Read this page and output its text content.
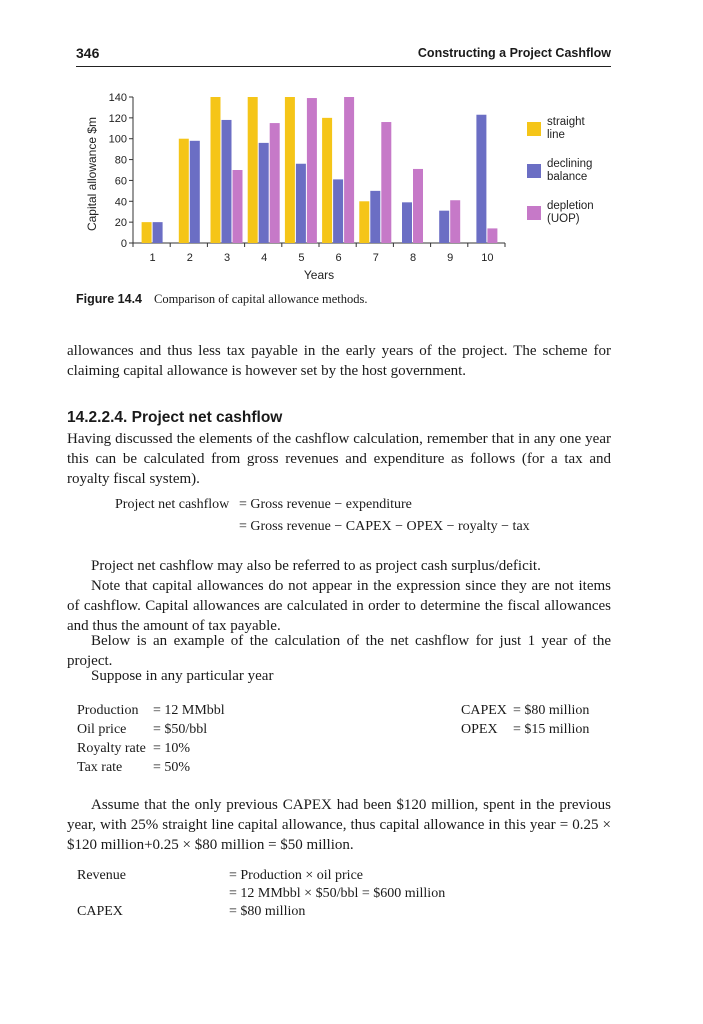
346	Constructing a Project Cashflow
0
20
40
60
80
100
120
140
1	2	3	4	5	6	7	8	9	10
Years
Capital allowance $m	straight
line
declining
balance
depletion
(UOP)
Figure 14.4 Comparison of capital allowance methods.

allowances and thus less tax payable in the early years of the project. The scheme for claiming capital allowance is however set by the host government.

14.2.2.4. Project net cashflow

Having discussed the elements of the cashflow calculation, remember that in any one year this can be calculated from gross revenues and expenditure as follows (for a tax and royalty fiscal system).

Project net cashflow = Gross revenue − expenditure
= Gross revenue − CAPEX − OPEX − royalty − tax

Project net cashflow may also be referred to as project cash surplus/deficit.

Note that capital allowances do not appear in the expression since they are not items of cashflow. Capital allowances are calculated in order to determine the fiscal allowances and thus the amount of tax payable.

Below is an example of the calculation of the net cashflow for just 1 year of the project.

Suppose in any particular year

Production = 12 MMbbl
Oil price = $50/bbl
Royalty rate = 10%
Tax rate = 50%
CAPEX = $80 million
OPEX = $15 million

Assume that the only previous CAPEX had been $120 million, spent in the previous year, with 25% straight line capital allowance, thus capital allowance in this year = 0.25 × $120 million+0.25 × $80 million = $50 million.

Revenue	= Production × oil price
= 12 MMbbl × $50/bbl = $600 million
CAPEX	= $80 million
